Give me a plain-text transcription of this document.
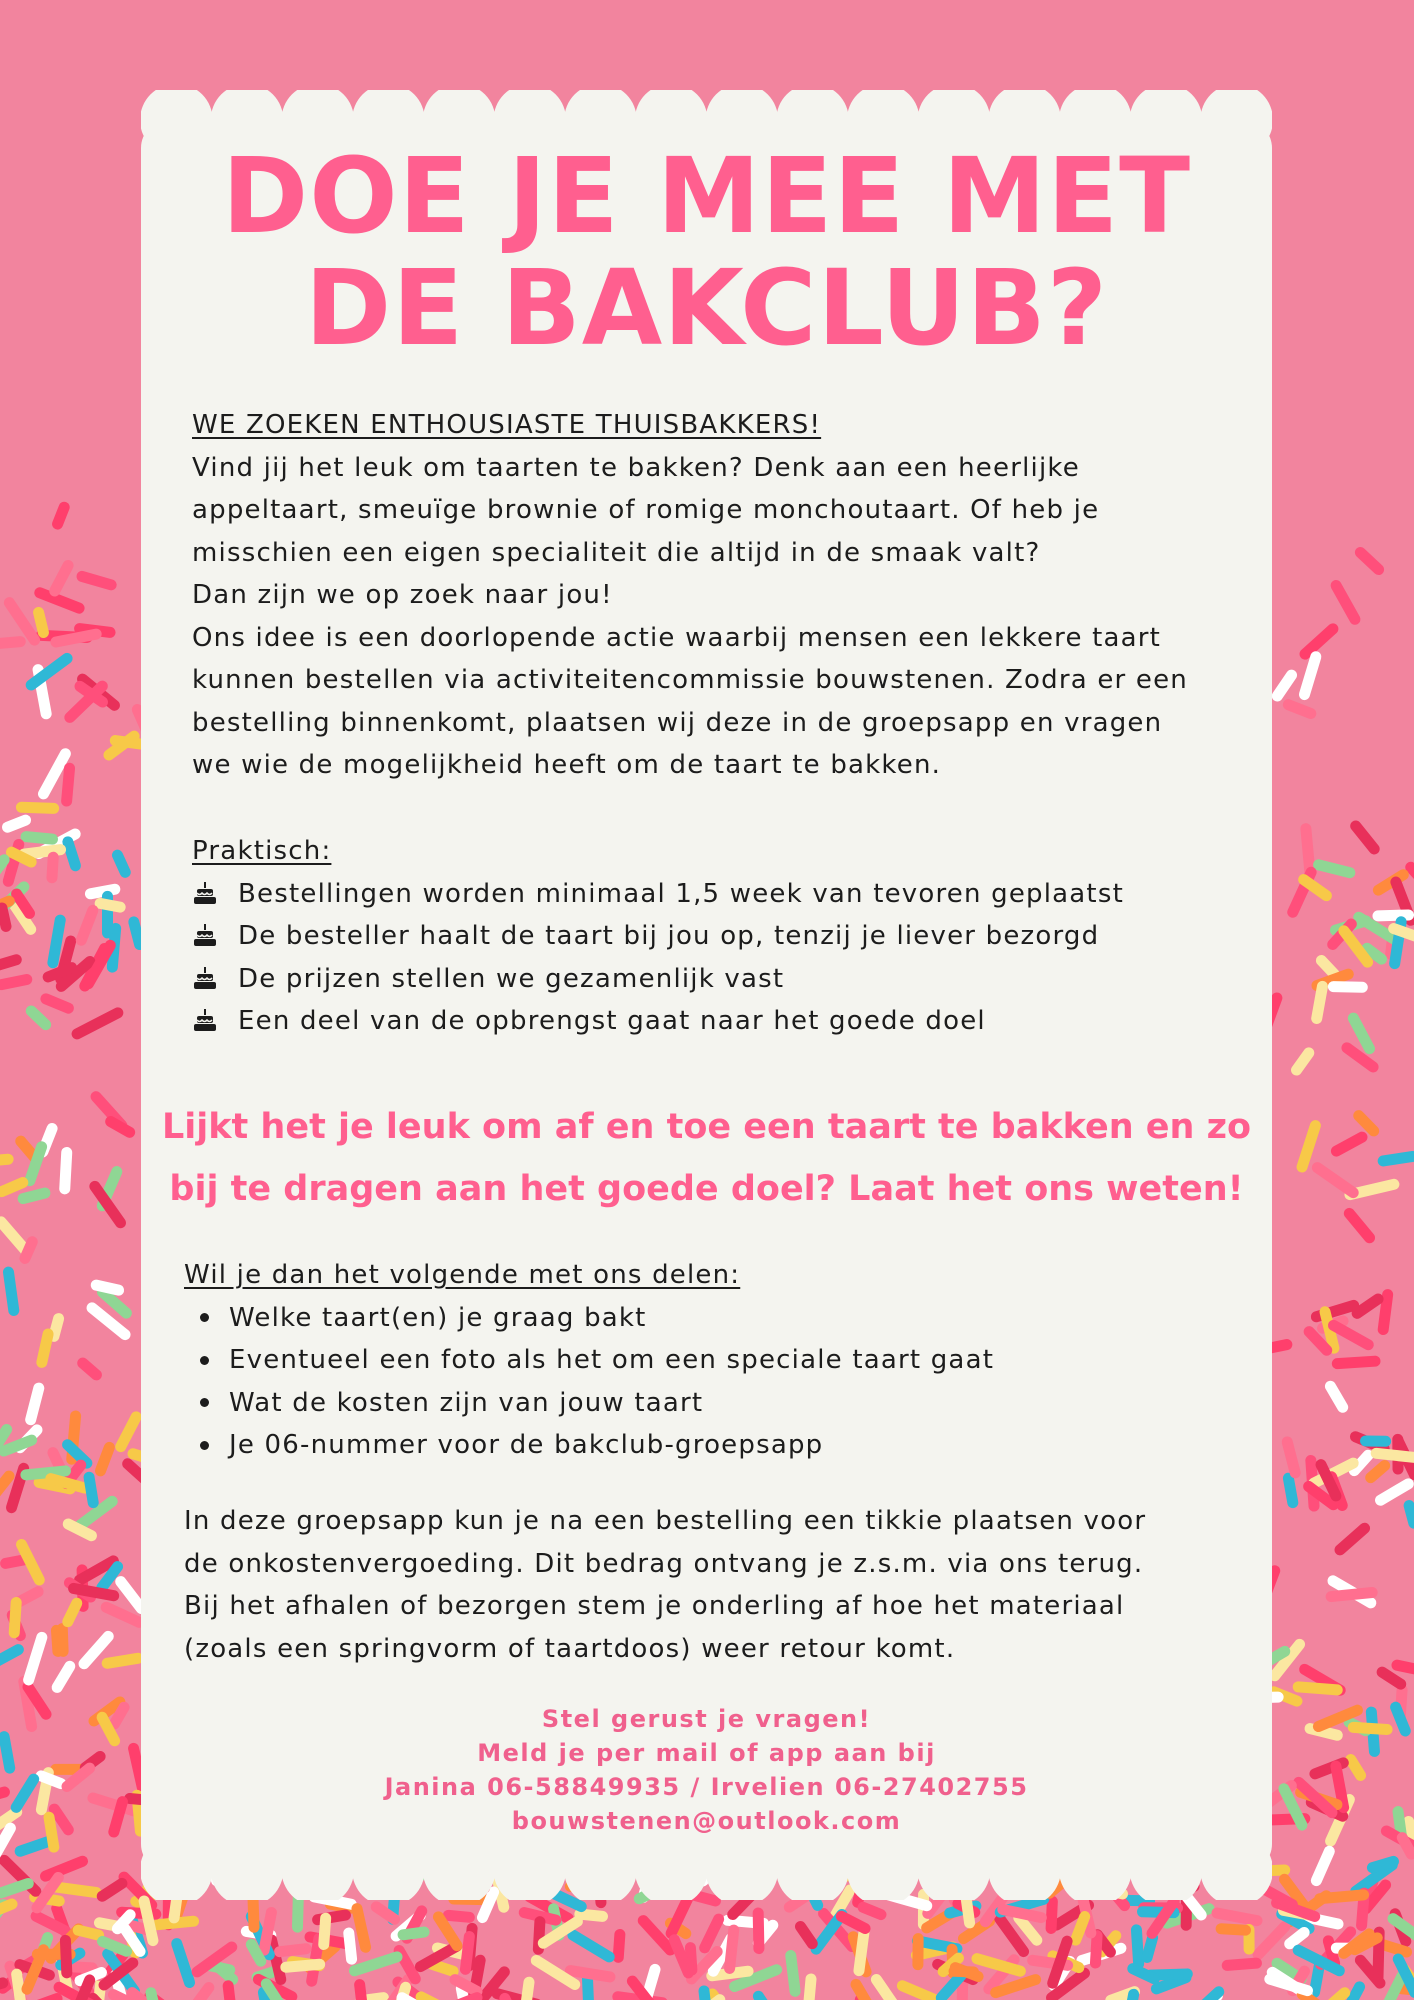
DOE JE MEE MET
DE BAKCLUB?
WE ZOEKEN ENTHOUSIASTE THUISBAKKERS!
Vind jij het leuk om taarten te bakken? Denk aan een heerlijke
appeltaart, smeuïge brownie of romige monchoutaart. Of heb je
misschien een eigen specialiteit die altijd in de smaak valt?
Dan zijn we op zoek naar jou!
Ons idee is een doorlopende actie waarbij mensen een lekkere taart
kunnen bestellen via activiteitencommissie bouwstenen. Zodra er een
bestelling binnenkomt, plaatsen wij deze in de groepsapp en vragen
we wie de mogelijkheid heeft om de taart te bakken.
Praktisch:
Bestellingen worden minimaal 1,5 week van tevoren geplaatst
De besteller haalt de taart bij jou op, tenzij je liever bezorgd
De prijzen stellen we gezamenlijk vast
Een deel van de opbrengst gaat naar het goede doel
Lijkt het je leuk om af en toe een taart te bakken en zo
bij te dragen aan het goede doel? Laat het ons weten!
Wil je dan het volgende met ons delen:
Welke taart(en) je graag bakt
Eventueel een foto als het om een speciale taart gaat
Wat de kosten zijn van jouw taart
Je 06-nummer voor de bakclub-groepsapp
In deze groepsapp kun je na een bestelling een tikkie plaatsen voor
de onkostenvergoeding. Dit bedrag ontvang je z.s.m. via ons terug.
Bij het afhalen of bezorgen stem je onderling af hoe het materiaal
(zoals een springvorm of taartdoos) weer retour komt.
Stel gerust je vragen!
Meld je per mail of app aan bij
Janina 06-58849935 / Irvelien 06-27402755
bouwstenen@outlook.com
